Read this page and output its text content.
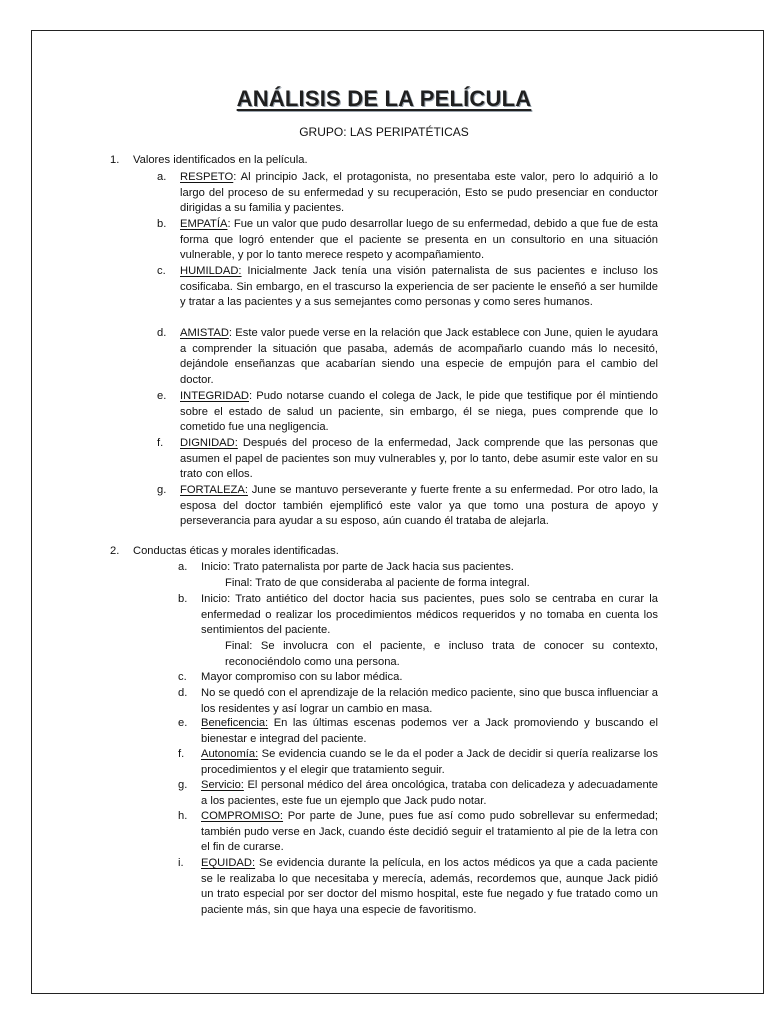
ANÁLISIS DE LA PELÍCULA
GRUPO: LAS PERIPATÉTICAS
1. Valores identificados en la película.
a. RESPETO: Al principio Jack, el protagonista, no presentaba este valor, pero lo adquirió a lo largo del proceso de su enfermedad y su recuperación, Esto se pudo presenciar en conductor dirigidas a su familia y pacientes.
b. EMPATÍA: Fue un valor que pudo desarrollar luego de su enfermedad, debido a que fue de esta forma que logró entender que el paciente se presenta en un consultorio en una situación vulnerable, y por lo tanto merece respeto y acompañamiento.
c. HUMILDAD: Inicialmente Jack tenía una visión paternalista de sus pacientes e incluso los cosificaba. Sin embargo, en el trascurso la experiencia de ser paciente le enseñó a ser humilde y tratar a las pacientes y a sus semejantes como personas y como seres humanos.
d. AMISTAD: Este valor puede verse en la relación que Jack establece con June, quien le ayudara a comprender la situación que pasaba, además de acompañarlo cuando más lo necesitó, dejándole enseñanzas que acabarían siendo una especie de empujón para el cambio del doctor.
e. INTEGRIDAD: Pudo notarse cuando el colega de Jack, le pide que testifique por él mintiendo sobre el estado de salud un paciente, sin embargo, él se niega, pues comprende que lo cometido fue una negligencia.
f. DIGNIDAD: Después del proceso de la enfermedad, Jack comprende que las personas que asumen el papel de pacientes son muy vulnerables y, por lo tanto, debe asumir este valor en su trato con ellos.
g. FORTALEZA: June se mantuvo perseverante y fuerte frente a su enfermedad. Por otro lado, la esposa del doctor también ejemplificó este valor ya que tomo una postura de apoyo y perseverancia para ayudar a su esposo, aún cuando él trataba de alejarla.
2. Conductas éticas y morales identificadas.
a. Inicio: Trato paternalista por parte de Jack hacia sus pacientes.
Final: Trato de que consideraba al paciente de forma integral.
b. Inicio: Trato antiético del doctor hacia sus pacientes, pues solo se centraba en curar la enfermedad o realizar los procedimientos médicos requeridos y no tomaba en cuenta los sentimientos del paciente.
Final: Se involucra con el paciente, e incluso trata de conocer su contexto, reconociéndolo como una persona.
c. Mayor compromiso con su labor médica.
d. No se quedó con el aprendizaje de la relación medico paciente, sino que busca influenciar a los residentes y así lograr un cambio en masa.
e. Beneficencia: En las últimas escenas podemos ver a Jack promoviendo y buscando el bienestar e integrad del paciente.
f. Autonomía: Se evidencia cuando se le da el poder a Jack de decidir si quería realizarse los procedimientos y el elegir que tratamiento seguir.
g. Servicio: El personal médico del área oncológica, trataba con delicadeza y adecuadamente a los pacientes, este fue un ejemplo que Jack pudo notar.
h. COMPROMISO: Por parte de June, pues fue así como pudo sobrellevar su enfermedad; también pudo verse en Jack, cuando éste decidió seguir el tratamiento al pie de la letra con el fin de curarse.
i. EQUIDAD: Se evidencia durante la película, en los actos médicos ya que a cada paciente se le realizaba lo que necesitaba y merecía, además, recordemos que, aunque Jack pidió un trato especial por ser doctor del mismo hospital, este fue negado y fue tratado como un paciente más, sin que haya una especie de favoritismo.
